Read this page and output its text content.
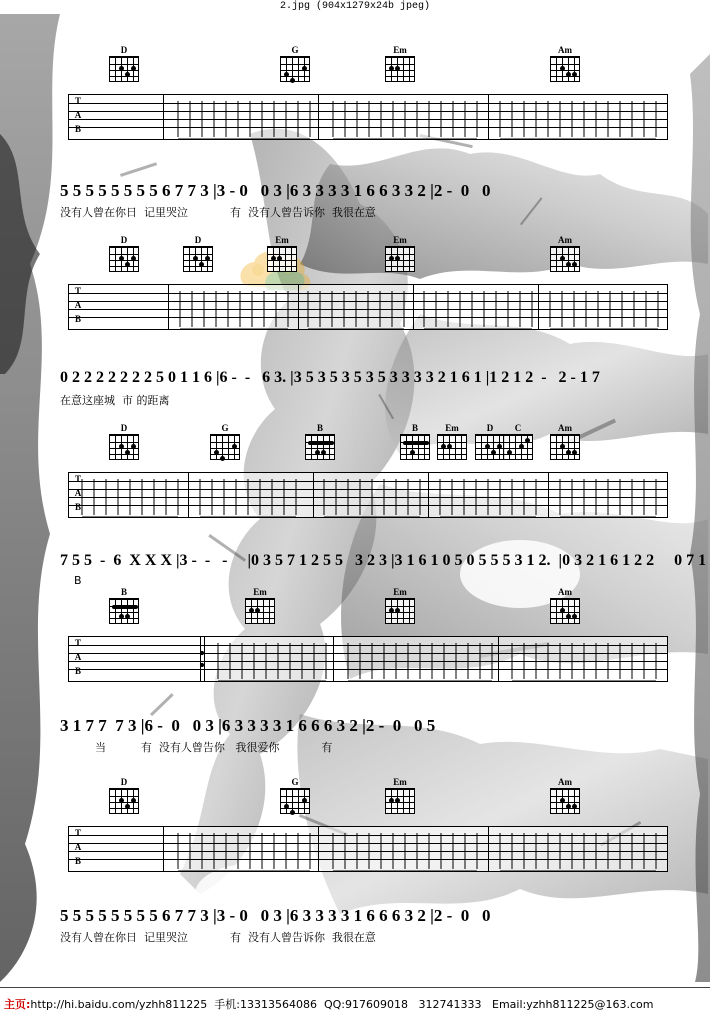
2.jpg (904x1279x24b jpeg)
D	G	Em	Am
T
A
B
5 5 5 5 5 5 5 5 6 7 7 3 |3 - 0   0 3 |6 3 3 3 3 1 6 6 3 3 2 |2 -  0   0
没有人曾在你日  记里哭泣            有  没有人曾告诉你  我很在意
D	D	Em	Em	Am
T
A
B
0 2 2 2 2 2 2 2 5 0 1 1 6 |6 -  -   6 3. |3 5 3 5 3 5 3 5 3 3 3 3 2 1 6 1 |1 2 1 2  -   2 - 1 7
在意这座城  市 的距离
D	G	B	B	Em	D	C	Am
T
A
B
7 5 5  -  6  X X X |3 -  -   -     |0 3 5 7 1 2 5 5   3 2 3 |3 1 6 1 0 5 0 5 5 5 3 1 2.  |0 3 2 1 6 1 2 2     0 7 1
B
B	Em	Em	Am
T
A
B
3 1 7 7  7 3 |6 -  0   0 3 |6 3 3 3 3 1 6 6 6 3 2 |2 -  0   0 5
当          有  没有人曾告你   我很爱你            有
D	G	Em	Am
T
A
B
5 5 5 5 5 5 5 5 6 7 7 3 |3 - 0   0 3 |6 3 3 3 3 1 6 6 6 3 2 |2 -  0   0
没有人曾在你日  记里哭泣            有  没有人曾告诉你  我很在意
主页:http://hi.baidu.com/yzhh811225 手机:13313564086 QQ:917609018 312741333 Email:yzhh811225@163.com
